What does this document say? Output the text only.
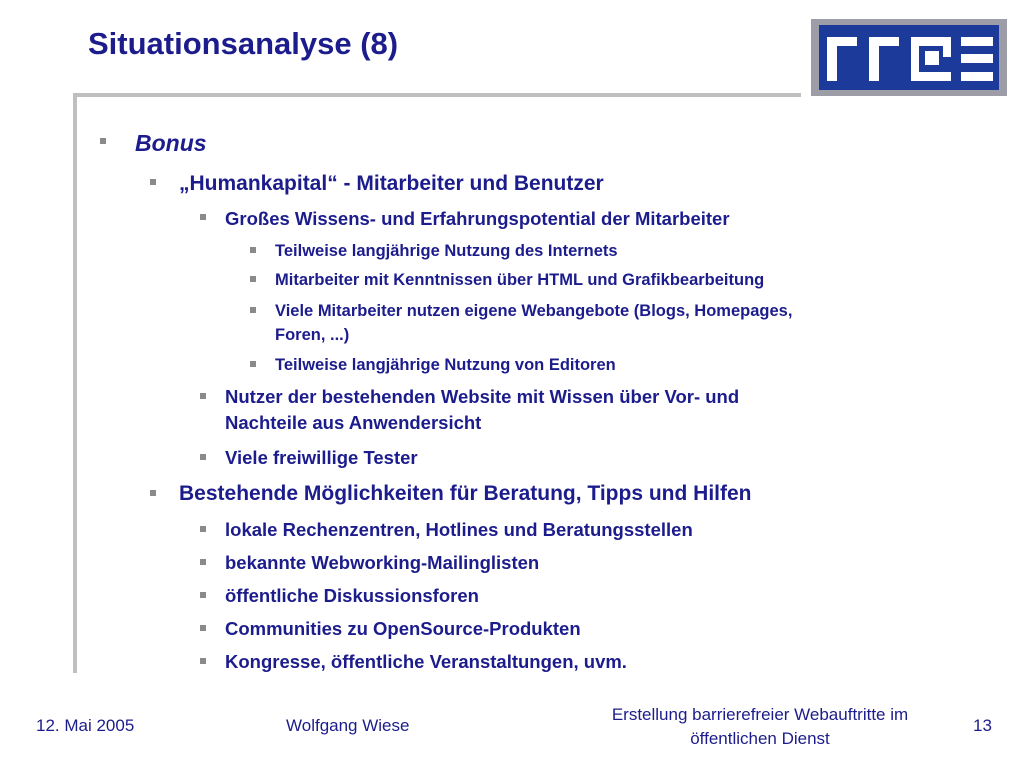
Situationsanalyse (8)
Bonus
„Humankapital“ - Mitarbeiter und Benutzer
Großes Wissens- und Erfahrungspotential der Mitarbeiter
Teilweise langjährige Nutzung des Internets
Mitarbeiter mit Kenntnissen über HTML und Grafikbearbeitung
Viele Mitarbeiter nutzen eigene Webangebote (Blogs, Homepages,
Foren, ...)
Teilweise langjährige Nutzung von Editoren
Nutzer der bestehenden Website mit Wissen über Vor- und
Nachteile aus Anwendersicht
Viele freiwillige Tester
Bestehende Möglichkeiten für Beratung, Tipps und Hilfen
lokale Rechenzentren, Hotlines und Beratungsstellen
bekannte Webworking-Mailinglisten
öffentliche Diskussionsforen
Communities zu OpenSource-Produkten
Kongresse, öffentliche Veranstaltungen, uvm.
12. Mai 2005	Wolfgang Wiese
Erstellung barrierefreier Webauftritte im
öffentlichen Dienst
13
